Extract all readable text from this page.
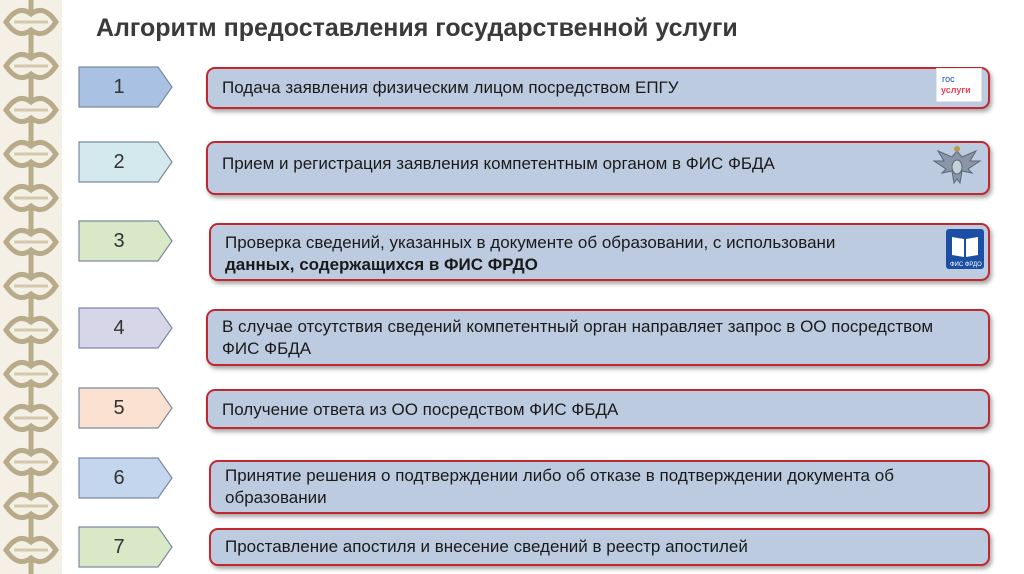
Алгоритм предоставления государственной услуги
1	Подача заявления физическим лицом посредством ЕПГУ	гос
услуги
2	Прием и регистрация заявления компетентным органом в ФИС ФБДА
3	Проверка сведений, указанных в документе об образовании, с использовани
данных, содержащихся в ФИС ФРДО	ФИС ФРДО
4	В случае отсутствия сведений компетентный орган направляет запрос в ОО посредством ФИС ФБДА
5	Получение ответа из ОО посредством ФИС ФБДА
6	Принятие решения о подтверждении либо об отказе в подтверждении документа об образовании
7	Проставление апостиля и внесение сведений в реестр апостилей
